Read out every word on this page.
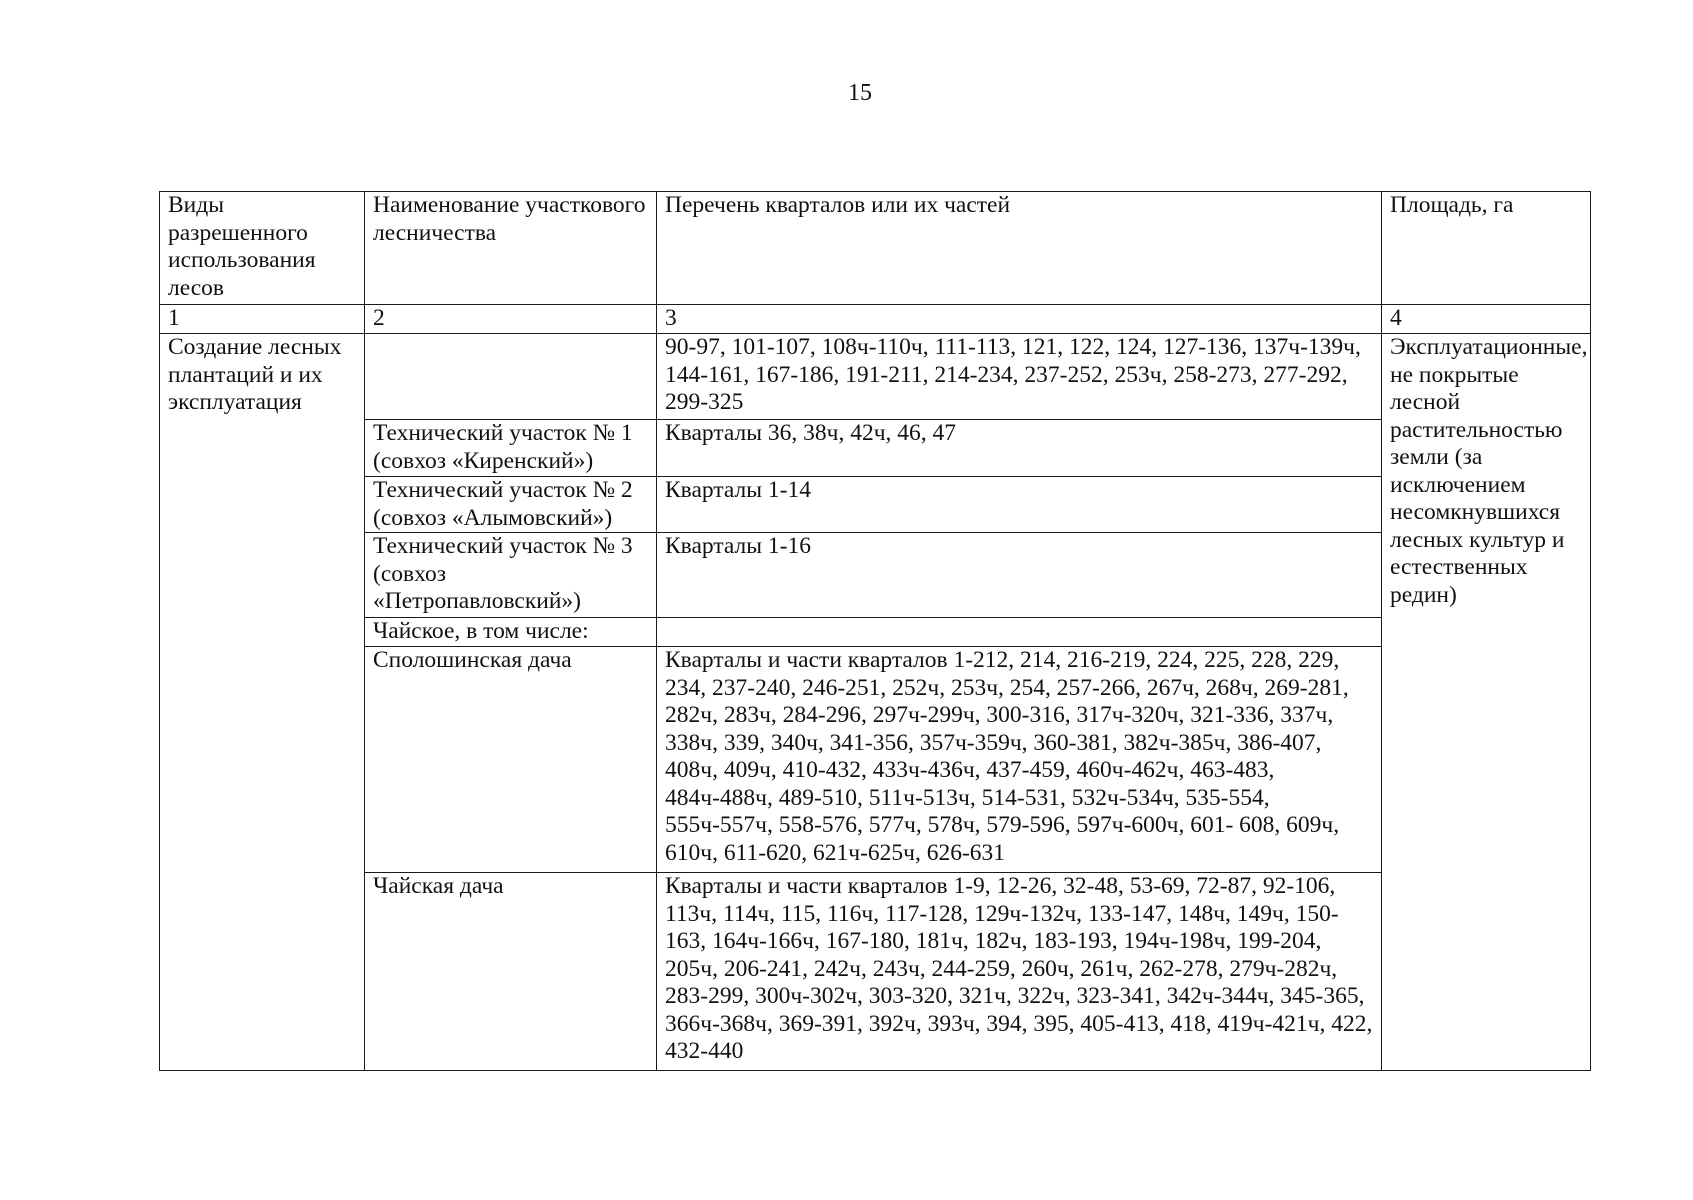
15
Виды разрешенного использования лесов	Наименование участкового лесничества	Перечень кварталов или их частей	Площадь, га
1	2	3	4
Создание лесных плантаций и их эксплуатация		90-97, 101-107, 108ч-110ч, 111-113, 121, 122, 124, 127-136, 137ч-139ч, 144-161, 167-186, 191-211, 214-234, 237-252, 253ч, 258-273, 277-292, 299-325	Эксплуатационные, не покрытые лесной растительностью земли (за исключением несомкнувшихся лесных культур и естественных редин)
	Технический участок № 1 (совхоз «Киренский»)	Кварталы 36, 38ч, 42ч, 46, 47	
	Технический участок № 2 (совхоз «Алымовский»)	Кварталы 1-14	
	Технический участок № 3 (совхоз «Петропавловский»)	Кварталы 1-16	
	Чайское, в том числе:		
	Сполошинская дача	Кварталы и части кварталов 1-212, 214, 216-219, 224, 225, 228, 229, 234, 237-240, 246-251, 252ч, 253ч, 254, 257-266, 267ч, 268ч, 269-281, 282ч, 283ч, 284-296, 297ч-299ч, 300-316, 317ч-320ч, 321-336, 337ч, 338ч, 339, 340ч, 341-356, 357ч-359ч, 360-381, 382ч-385ч, 386-407, 408ч, 409ч, 410-432, 433ч-436ч, 437-459, 460ч-462ч, 463-483, 484ч-488ч, 489-510, 511ч-513ч, 514-531, 532ч-534ч, 535-554, 555ч-557ч, 558-576, 577ч, 578ч, 579-596, 597ч-600ч, 601- 608, 609ч, 610ч, 611-620, 621ч-625ч, 626-631	
	Чайская дача	Кварталы и части кварталов 1-9, 12-26, 32-48, 53-69, 72-87, 92-106, 113ч, 114ч, 115, 116ч, 117-128, 129ч-132ч, 133-147, 148ч, 149ч, 150-163, 164ч-166ч, 167-180, 181ч, 182ч, 183-193, 194ч-198ч, 199-204, 205ч, 206-241, 242ч, 243ч, 244-259, 260ч, 261ч, 262-278, 279ч-282ч, 283-299, 300ч-302ч, 303-320, 321ч, 322ч, 323-341, 342ч-344ч, 345-365, 366ч-368ч, 369-391, 392ч, 393ч, 394, 395, 405-413, 418, 419ч-421ч, 422, 432-440	
